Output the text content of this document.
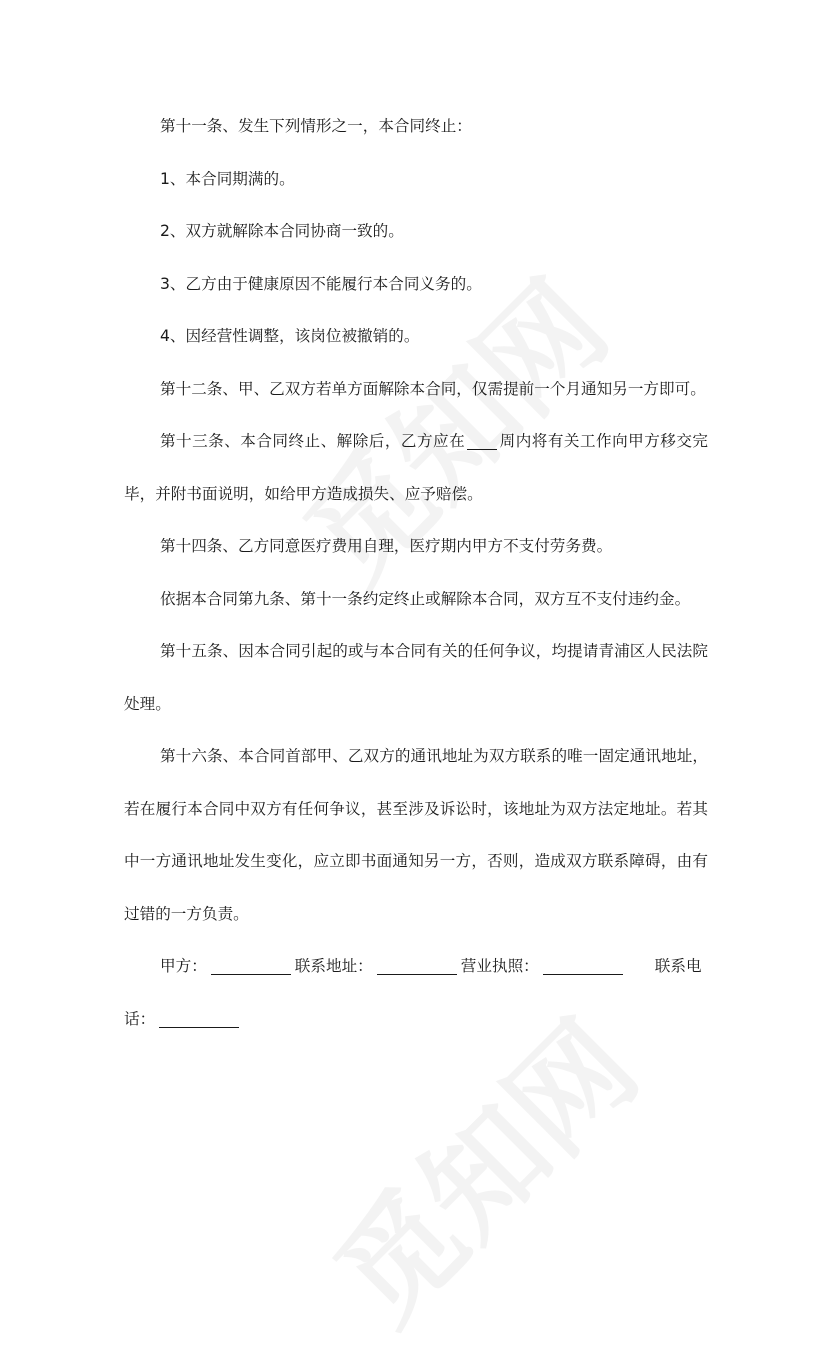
第十一条、发生下列情形之一，本合同终止：

1、本合同期满的。

2、双方就解除本合同协商一致的。

3、乙方由于健康原因不能履行本合同义务的。

4、因经营性调整，该岗位被撤销的。

第十二条、甲、乙双方若单方面解除本合同，仅需提前一个月通知另一方即可。

第十三条、本合同终止、解除后，乙方应在 周内将有关工作向甲方移交完毕，并附书面说明，如给甲方造成损失、应予赔偿。

第十四条、乙方同意医疗费用自理，医疗期内甲方不支付劳务费。

依据本合同第九条、第十一条约定终止或解除本合同，双方互不支付违约金。

第十五条、因本合同引起的或与本合同有关的任何争议，均提请青浦区人民法院处理。

第十六条、本合同首部甲、乙双方的通讯地址为双方联系的唯一固定通讯地址，若在履行本合同中双方有任何争议，甚至涉及诉讼时，该地址为双方法定地址。若其中一方通讯地址发生变化，应立即书面通知另一方，否则，造成双方联系障碍，由有过错的一方负责。

甲方：	联系地址：	营业执照：	联系电话：
